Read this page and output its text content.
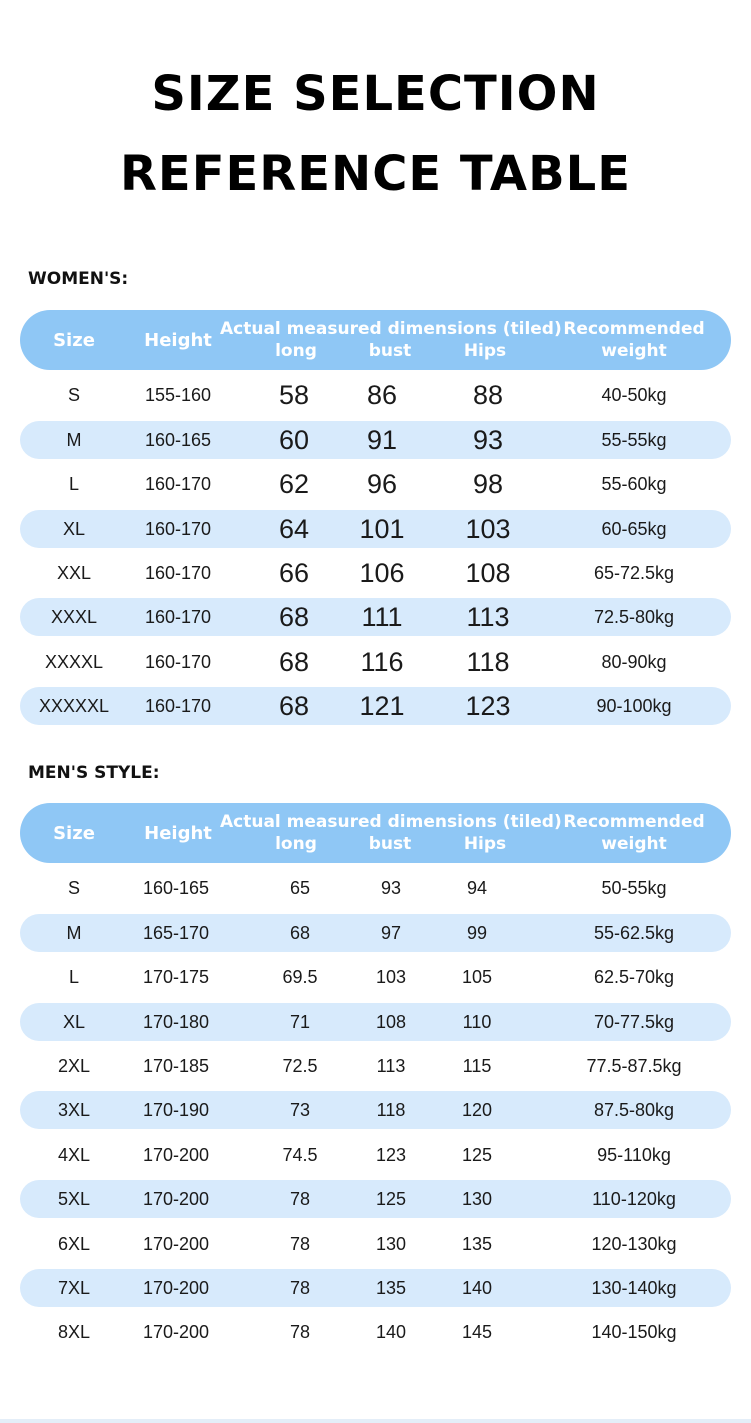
SIZE SELECTION
REFERENCE TABLE
WOMEN'S:
Size	Height
Actual measured dimensions (tiled)
long	bust	Hips
Recommended
weight
S	155-160	58	86	88	40-50kg
M	160-165	60	91	93	55-55kg
L	160-170	62	96	98	55-60kg
XL	160-170	64	101	103	60-65kg
XXL	160-170	66	106	108	65-72.5kg
XXXL	160-170	68	111	113	72.5-80kg
XXXXL	160-170	68	116	118	80-90kg
XXXXXL	160-170	68	121	123	90-100kg
MEN'S STYLE:
Size	Height
Actual measured dimensions (tiled)
long	bust	Hips
Recommended
weight
S	160-165	65	93	94	50-55kg
M	165-170	68	97	99	55-62.5kg
L	170-175	69.5	103	105	62.5-70kg
XL	170-180	71	108	110	70-77.5kg
2XL	170-185	72.5	113	115	77.5-87.5kg
3XL	170-190	73	118	120	87.5-80kg
4XL	170-200	74.5	123	125	95-110kg
5XL	170-200	78	125	130	110-120kg
6XL	170-200	78	130	135	120-130kg
7XL	170-200	78	135	140	130-140kg
8XL	170-200	78	140	145	140-150kg
